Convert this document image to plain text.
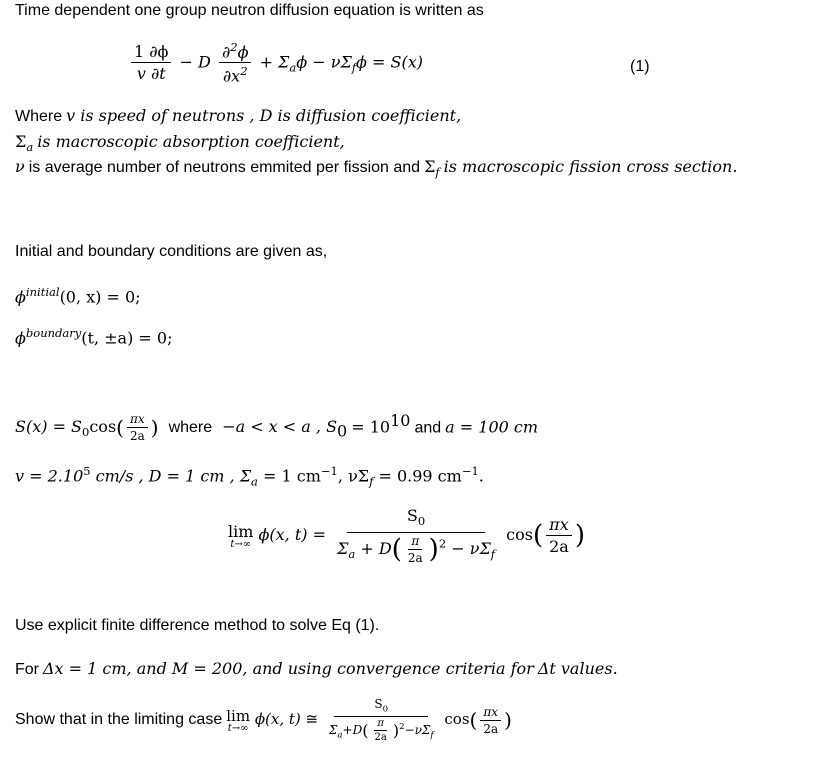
Time dependent one group neutron diffusion equation is written as
$\frac{1 \partial\phi}{v \partial t} - D \frac{\partial^2\phi}{\partial x^2} + \Sigma_a\phi - \nu\Sigma_f\phi = S(x)$	(1)
Where v is speed of neutrons , D is diffusion coefficient,
$\Sigma_a$ is macroscopic absorption coefficient,
ν is average number of neutrons emmited per fission and $\Sigma_f$ is macroscopic fission cross section.
Initial and boundary conditions are given as,
$\phi^{initial}(0$, x) = 0;
$\phi^{boundary}(t$, ±a) = 0;
$S(x) = S_0\cos( \frac{\pi x}{2a}$ ) where −a < x < a , $S_0 = 10^{10}$ and a = 100 cm
$v = 2.10^5$ cm/s , D = 1 cm , $\Sigma_a = 1$ $cm^{-1}$, $\nu\Sigma_f = 0.99$ $cm^{-1}$.
lim
t→∞ ϕ(x, $t) = \frac{S_0}{\Sigma_a + D( \frac{\pi}{2a} )^2 - \nu\Sigma_f} \cos( \frac{\pi x}{2a}$ )
Use explicit finite difference method to solve Eq (1).
For Δx = 1 cm, and M = 200, and using convergence criteria for Δt values.
Show that in the limiting case lim
t→∞ ϕ(x, t) ≅ $\frac{S_0}{\Sigma_a+D( \frac{\pi}{2a} )^2-\nu\Sigma_f} \cos( \frac{\pi x}{2a}$ )
